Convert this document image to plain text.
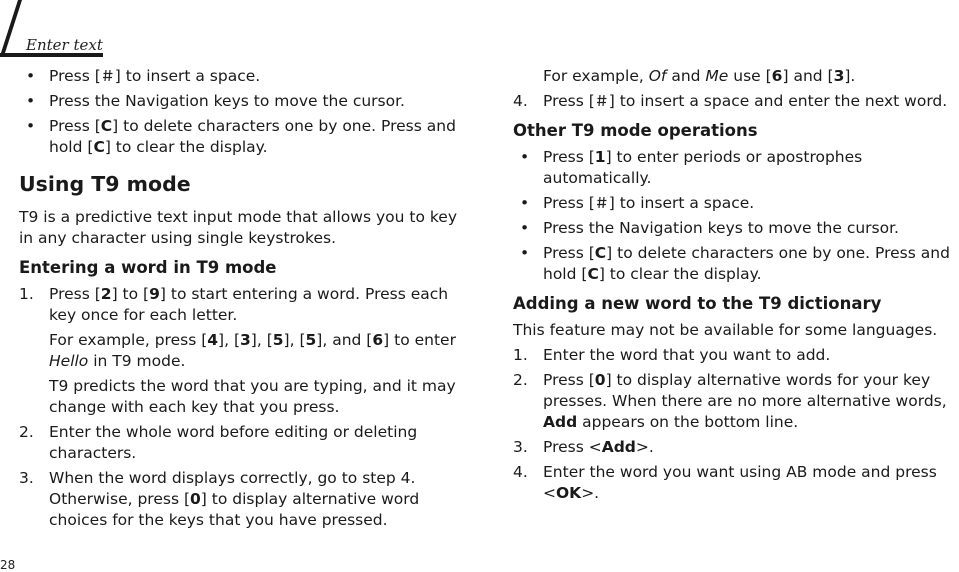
Enter text
• Press [ ] to insert a space.
• Press the Navigation keys to move the cursor.
• Press [C] to delete characters one by one. Press and hold [C] to clear the display.
Using T9 mode
T9 is a predictive text input mode that allows you to key in any character using single keystrokes.
Entering a word in T9 mode
1. Press [2] to [9] to start entering a word. Press each key once for each letter.
For example, press [4], [3], [5], [5], and [6] to enter Hello in T9 mode.
T9 predicts the word that you are typing, and it may change with each key that you press.
2. Enter the whole word before editing or deleting characters.
3. When the word displays correctly, go to step 4. Otherwise, press [0] to display alternative word choices for the keys that you have pressed.
For example, Of and Me use [6] and [3].
4. Press [ ] to insert a space and enter the next word.
Other T9 mode operations
• Press [1] to enter periods or apostrophes automatically.
• Press [ ] to insert a space.
• Press the Navigation keys to move the cursor.
• Press [C] to delete characters one by one. Press and hold [C] to clear the display.
Adding a new word to the T9 dictionary
This feature may not be available for some languages.
1. Enter the word that you want to add.
2. Press [0] to display alternative words for your key presses. When there are no more alternative words, Add appears on the bottom line.
3. Press <Add>.
4. Enter the word you want using AB mode and press <OK>.
28
